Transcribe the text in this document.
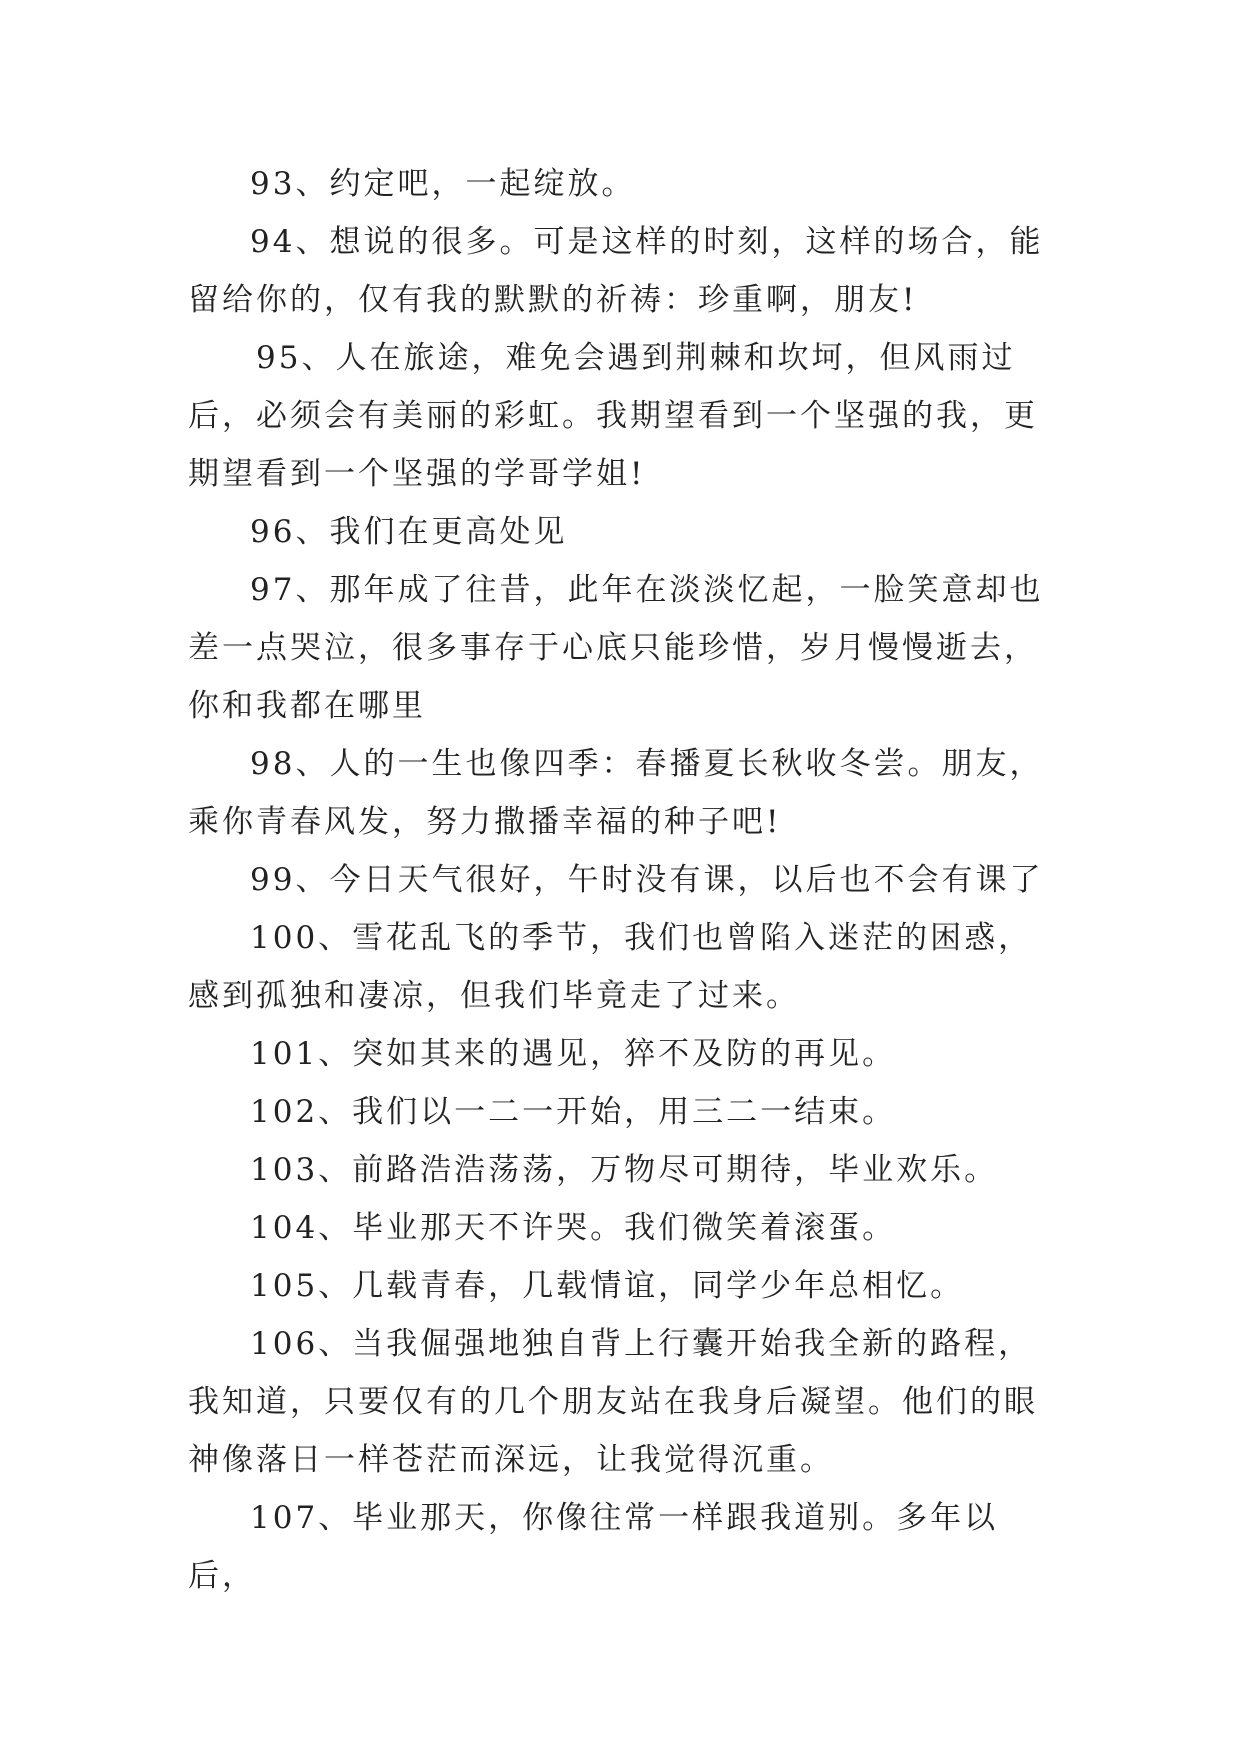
93、约定吧，一起绽放。

94、想说的很多。可是这样的时刻，这样的场合，能留给你的，仅有我的默默的祈祷：珍重啊，朋友!

95、人在旅途，难免会遇到荆棘和坎坷，但风雨过后，必须会有美丽的彩虹。我期望看到一个坚强的我，更期望看到一个坚强的学哥学姐!

96、我们在更高处见

97、那年成了往昔，此年在淡淡忆起，一脸笑意却也差一点哭泣，很多事存于心底只能珍惜，岁月慢慢逝去，你和我都在哪里

98、人的一生也像四季：春播夏长秋收冬尝。朋友，乘你青春风发，努力撒播幸福的种子吧!

99、今日天气很好，午时没有课，以后也不会有课了

100、雪花乱飞的季节，我们也曾陷入迷茫的困惑，感到孤独和凄凉，但我们毕竟走了过来。

101、突如其来的遇见，猝不及防的再见。

102、我们以一二一开始，用三二一结束。

103、前路浩浩荡荡，万物尽可期待，毕业欢乐。

104、毕业那天不许哭。我们微笑着滚蛋。

105、几载青春，几载情谊，同学少年总相忆。

106、当我倔强地独自背上行囊开始我全新的路程，我知道，只要仅有的几个朋友站在我身后凝望。他们的眼神像落日一样苍茫而深远，让我觉得沉重。

107、毕业那天，你像往常一样跟我道别。多年以后，
